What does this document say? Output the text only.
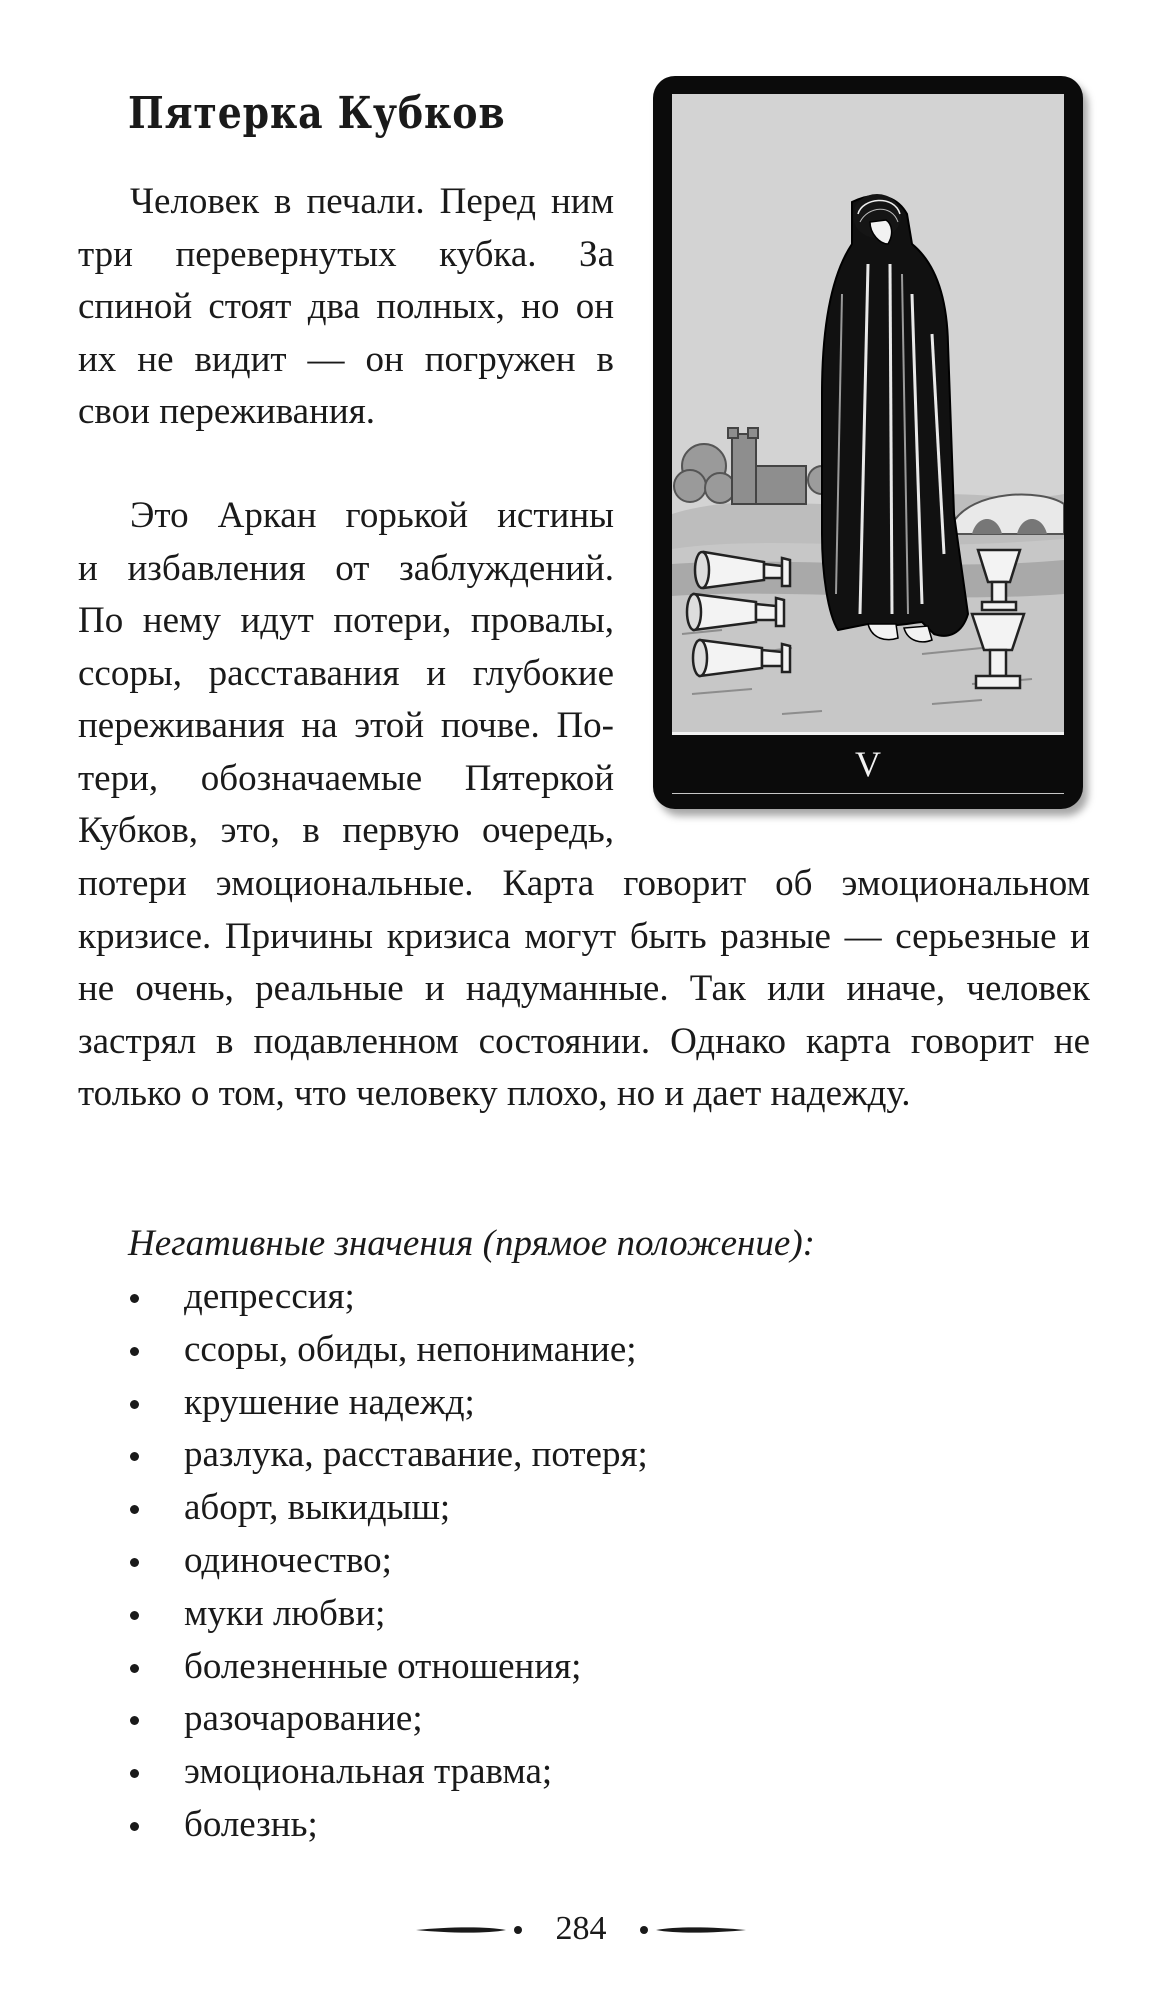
Пятерка Кубков

Человек в печали. Перед ним три перевернутых кубка. За спиной стоят два полных, но он их не видит — он погружен в свои переживания.

Это Аркан горькой истины
и избавления от заблуждений.
По нему идут потери, провалы,
ссоры, расставания и глубокие
переживания на этой почве. По-
тери, обозначаемые Пятеркой
Кубков, это, в первую очередь,

потери эмоциональные. Карта говорит об эмоциональном кризисе. Причины кризиса могут быть разные — серьезные и не очень, реальные и надуманные. Так или иначе, человек застрял в подавленном состоянии. Однако карта говорит не только о том, что человеку плохо, но и дает надежду.

V

Негативные значения (прямое положение):

депрессия;
ссоры, обиды, непонимание;
крушение надежд;
разлука, расставание, потеря;
аборт, выкидыш;
одиночество;
муки любви;
болезненные отношения;
разочарование;
эмоциональная травма;
болезнь;
284
